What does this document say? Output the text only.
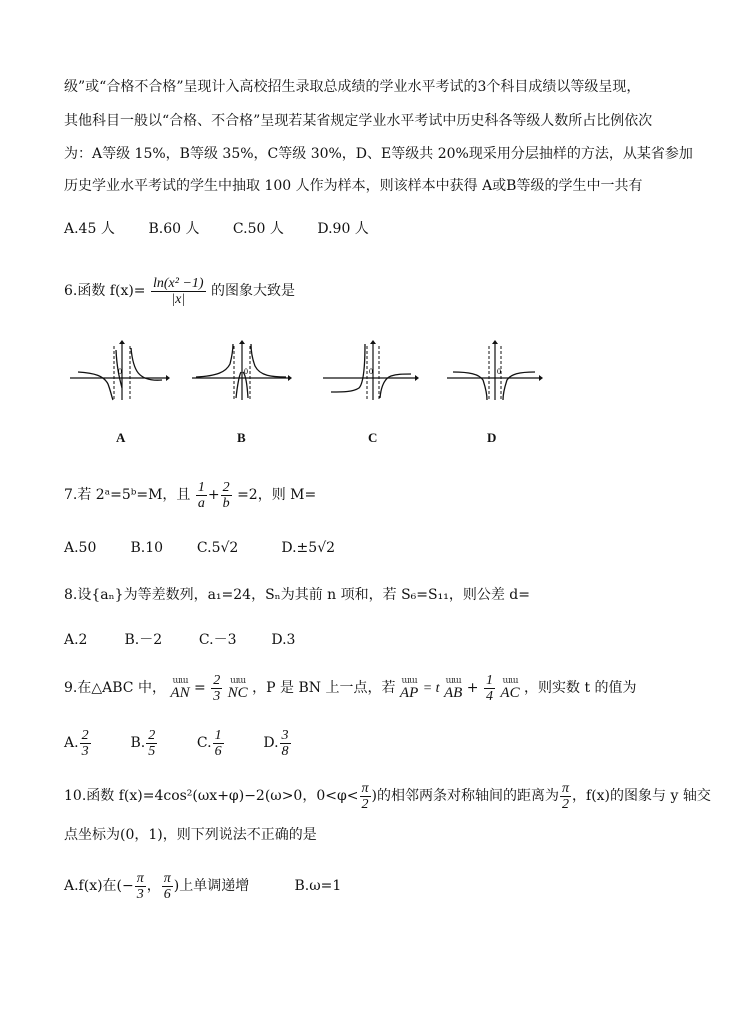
级”或“合格不合格”呈现计入高校招生录取总成绩的学业水平考试的3个科目成绩以等级呈现，
其他科目一般以“合格、不合格”呈现若某省规定学业水平考试中历史科各等级人数所占比例依次
为：A等级 15%，B等级 35%，C等级 30%，D、E等级共 20%现采用分层抽样的方法，从某省参加
历史学业水平考试的学生中抽取 100 人作为样本，则该样本中获得 A或B等级的学生中一共有
A.45 人 B.60 人 C.50 人 D.90 人
6.函数 $f(x)= \frac{\text{ln(x² −1)}}{|x|}$ 的图象大致是
0
A
0
B
0
C
0
D
7.若 2ᵃ=5ᵇ=M，且 $\frac{1}{a} + \frac{2}{b} =2$，则 M=
A.50 B.10 C.5√2	D.±5√2
8.设{aₙ}为等差数列，a₁=24，Sₙ为其前 n 项和，若 S₆=S₁₁，则公差 d=
A.2	B.－2	C.－3 D.3
9.在△ABC 中， ɯɯ
AN = $\frac{2}{3}$
ɯɯ
NC ，P 是 BN 上一点，若 ɯɯ
AP = t
ɯɯ
AB + $\frac{1}{4}$
ɯɯ
AC ，则实数 t 的值为
A. $\frac{2}{3}$	B. $\frac{2}{5}$	C. $\frac{1}{6}$	D. $\frac{3}{8}$
10.函数 f(x)=4cos²(ωx+φ)−2(ω>0，$0<\varphi< \frac{\pi}{2}$ )的相邻两条对称轴间的距离为 $\frac{\pi}{2}$ ，f(x)的图象与 y 轴交
点坐标为(0，1)，则下列说法不正确的是
A.f(x)在(− $\frac{\pi}{3}$ ， $\frac{\pi}{6}$ )上单调递增	B.ω=1
